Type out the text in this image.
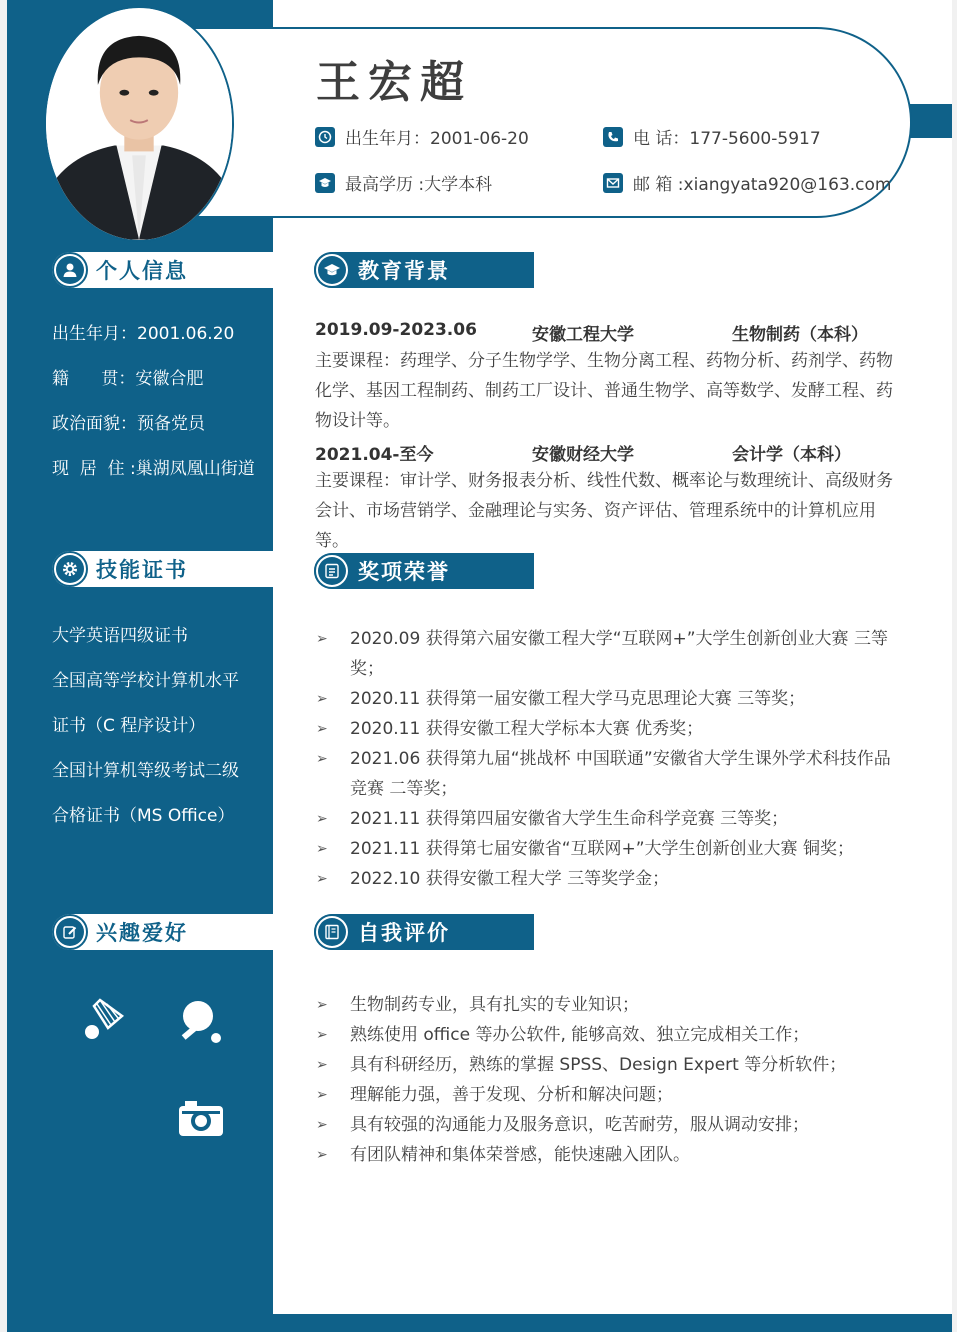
王宏超
出生年月：2001-06-20	电 话：177-5600-5917
最高学历 :大学本科	邮 箱 :xiangyata920@163.com
个人信息
出生年月：2001.06.20
籍      贯：安徽合肥
政治面貌：预备党员
现  居  住 :巢湖凤凰山街道
技能证书
大学英语四级证书
全国高等学校计算机水平
证书（C 程序设计）
全国计算机等级考试二级
合格证书（MS Office）
兴趣爱好
教育背景
2019.09-2023.06	安徽工程大学	生物制药（本科）
主要课程：药理学、分子生物学学、生物分离工程、药物分析、药剂学、药物化学、基因工程制药、制药工厂设计、普通生物学、高等数学、发酵工程、药物设计等。
2021.04-至今	安徽财经大学	会计学（本科）
主要课程：审计学、财务报表分析、线性代数、概率论与数理统计、高级财务会计、市场营销学、金融理论与实务、资产评估、管理系统中的计算机应用等。
奖项荣誉
➢	2020.09 获得第六届安徽工程大学“互联网+”大学生创新创业大赛 三等奖；
➢	2020.11 获得第一届安徽工程大学马克思理论大赛 三等奖；
➢	2020.11 获得安徽工程大学标本大赛 优秀奖；
➢	2021.06 获得第九届“挑战杯 中国联通”安徽省大学生课外学术科技作品竞赛 二等奖；
➢	2021.11 获得第四届安徽省大学生生命科学竞赛 三等奖；
➢	2021.11 获得第七届安徽省“互联网+”大学生创新创业大赛 铜奖；
➢	2022.10 获得安徽工程大学 三等奖学金；
自我评价
➢	生物制药专业，具有扎实的专业知识；
➢	熟练使用 office 等办公软件, 能够高效、独立完成相关工作；
➢	具有科研经历，熟练的掌握 SPSS、Design Expert 等分析软件；
➢	理解能力强，善于发现、分析和解决问题；
➢	具有较强的沟通能力及服务意识，吃苦耐劳，服从调动安排；
➢	有团队精神和集体荣誉感，能快速融入团队。
